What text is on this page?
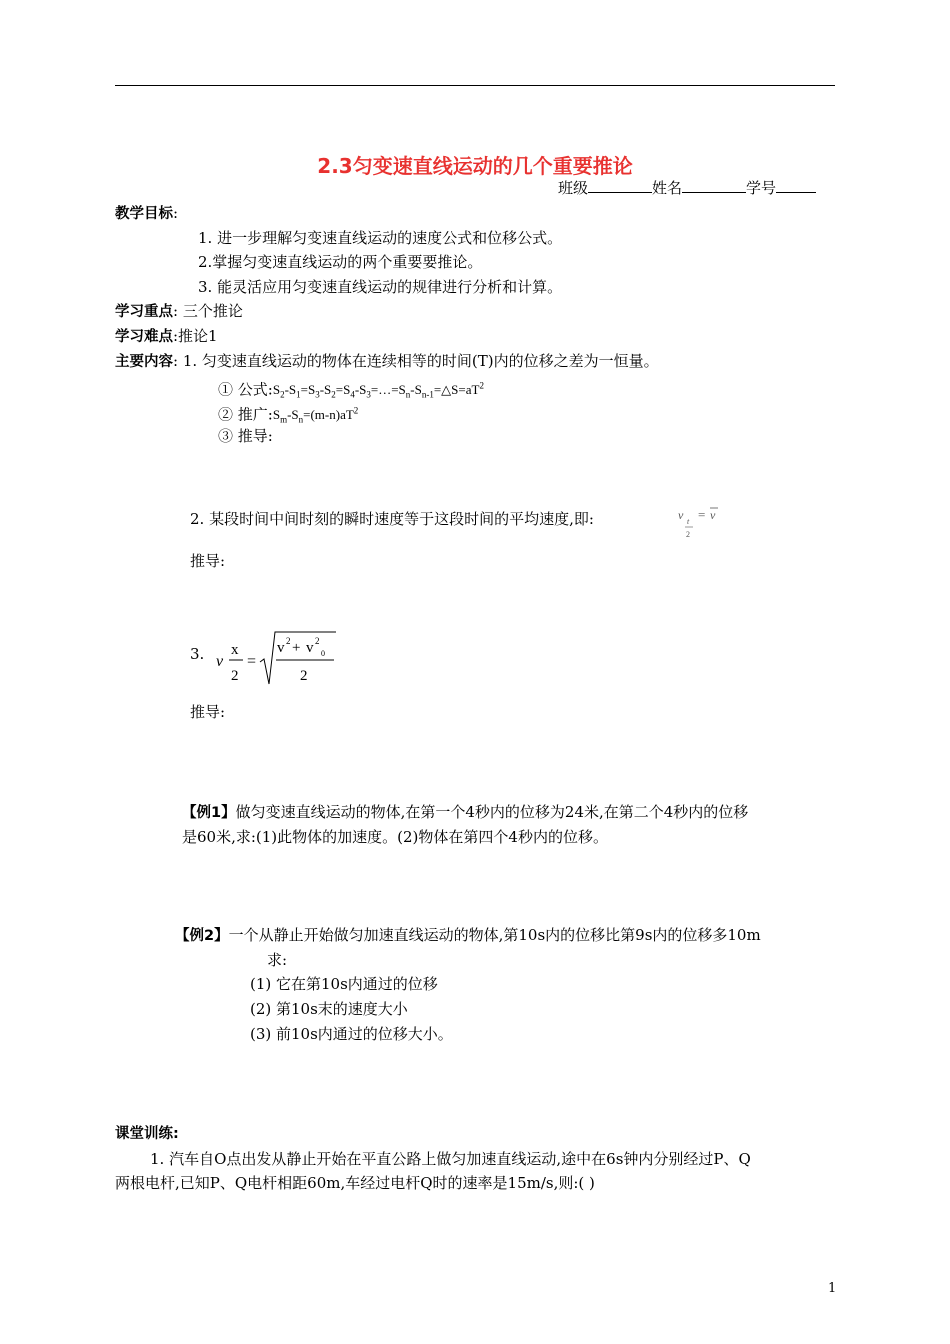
2.3匀变速直线运动的几个重要推论
班级	姓名	学号
教学目标:
1. 进一步理解匀变速直线运动的速度公式和位移公式。
2.掌握匀变速直线运动的两个重要要推论。
3. 能灵活应用匀变速直线运动的规律进行分析和计算。
学习重点: 三个推论
学习难点:推论1
主要内容: 1. 匀变速直线运动的物体在连续相等的时间(T)内的位移之差为一恒量。
① 公式$:S_2-S_1=S_3-S_2=S_4-S_3=\dots=S_n-S_{n-1}=\triangle S=aT^2$
② 推广$:S_m-S_n=(m-n)aT^2$
③ 推导:
2. 某段时间中间时刻的瞬时速度等于这段时间的平均速度,即:	v t
2
= v
推导:
3. v
x
2
=
v 2 + v 2
0
2
推导:
【例1】做匀变速直线运动的物体,在第一个4秒内的位移为24米,在第二个4秒内的位移
是60米,求:(1)此物体的加速度。(2)物体在第四个4秒内的位移。
【例2】一个从静止开始做匀加速直线运动的物体,第10s内的位移比第9s内的位移多10m
求:
(1) 它在第10s内通过的位移
(2) 第10s末的速度大小
(3) 前10s内通过的位移大小。
课堂训练:
1. 汽车自O点出发从静止开始在平直公路上做匀加速直线运动,途中在6s钟内分别经过P、Q
两根电杆,已知P、Q电杆相距60m,车经过电杆Q时的速率是15m/s,则:( )
1
